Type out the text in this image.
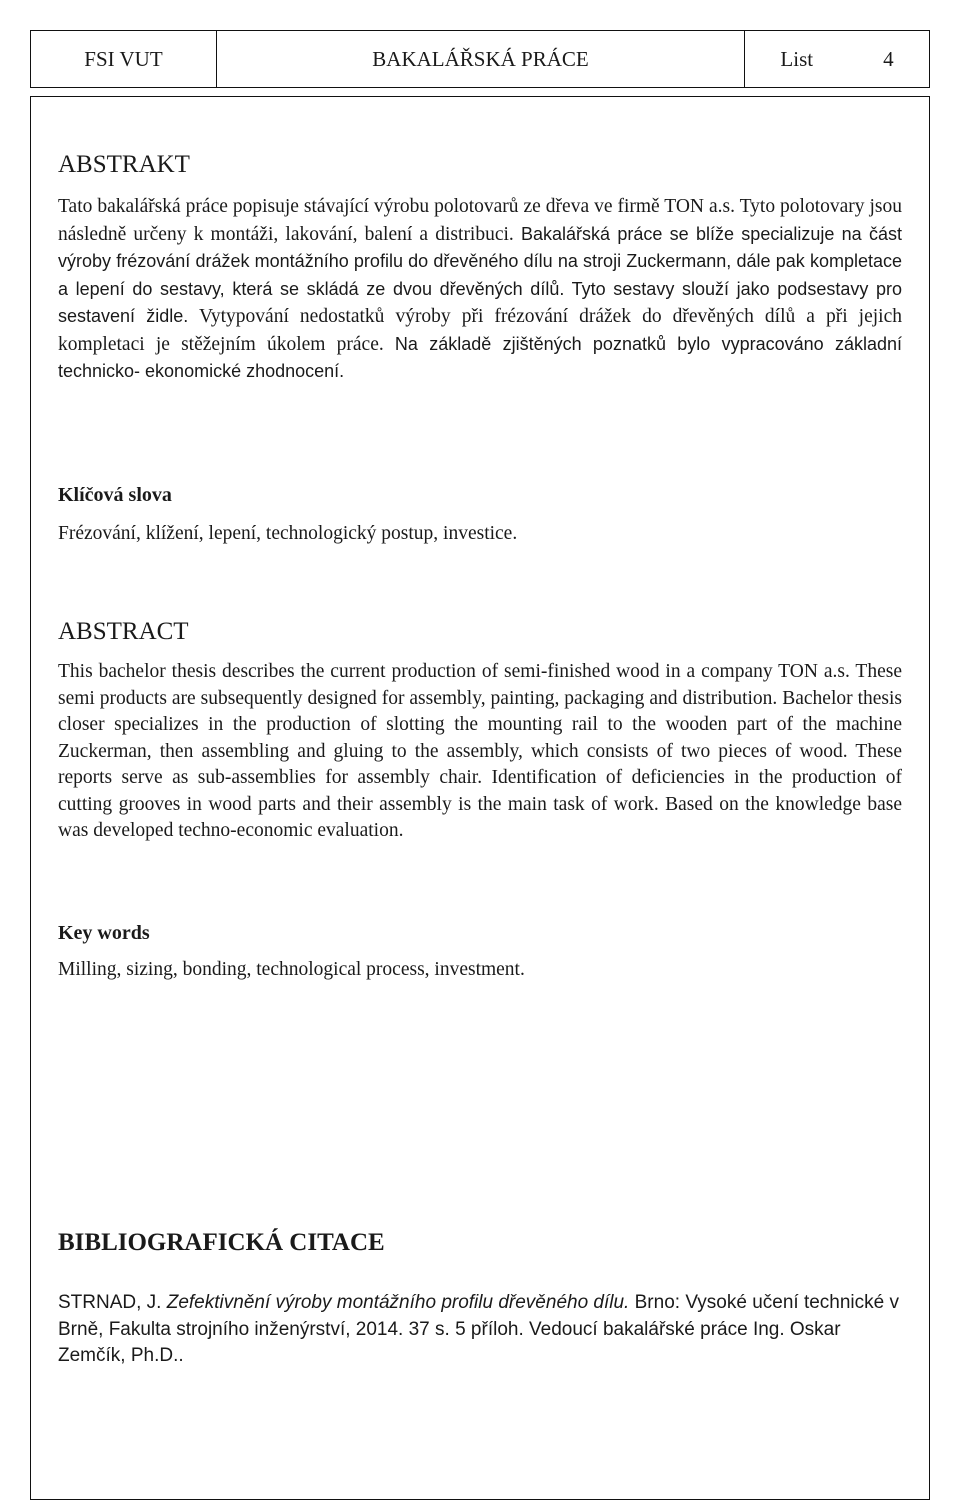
FSI VUT	BAKALÁŘSKÁ PRÁCE	List	4
ABSTRAKT

Tato bakalářská práce popisuje stávající výrobu polotovarů ze dřeva ve firmě TON a.s. Tyto polotovary jsou následně určeny k montáži, lakování, balení a distribuci. Bakalářská práce se blíže specializuje na část výroby frézování drážek montážního profilu do dřevěného dílu na stroji Zuckermann, dále pak kompletace a lepení do sestavy, která se skládá ze dvou dřevěných dílů. Tyto sestavy slouží jako podsestavy pro sestavení židle. Vytypování nedostatků výroby při frézování drážek do dřevěných dílů a při jejich kompletaci je stěžejním úkolem práce. Na základě zjištěných poznatků bylo vypracováno základní technicko- ekonomické zhodnocení.

Klíčová slova

Frézování, klížení, lepení, technologický postup, investice.

ABSTRACT

This bachelor thesis describes the current production of semi-finished wood in a company TON a.s. These semi products are subsequently designed for assembly, painting, packaging and distribution. Bachelor thesis closer specializes in the production of slotting the mounting rail to the wooden part of the machine Zuckerman, then assembling and gluing to the assembly, which consists of two pieces of wood. These reports serve as sub-assemblies for assembly chair. Identification of deficiencies in the production of cutting grooves in wood parts and their assembly is the main task of work. Based on the knowledge base was developed techno-economic evaluation.

Key words

Milling, sizing, bonding, technological process, investment.

BIBLIOGRAFICKÁ CITACE

STRNAD, J. Zefektivnění výroby montážního profilu dřevěného dílu. Brno: Vysoké učení technické v Brně, Fakulta strojního inženýrství, 2014. 37 s. 5 příloh. Vedoucí bakalářské práce Ing. Oskar Zemčík, Ph.D..
